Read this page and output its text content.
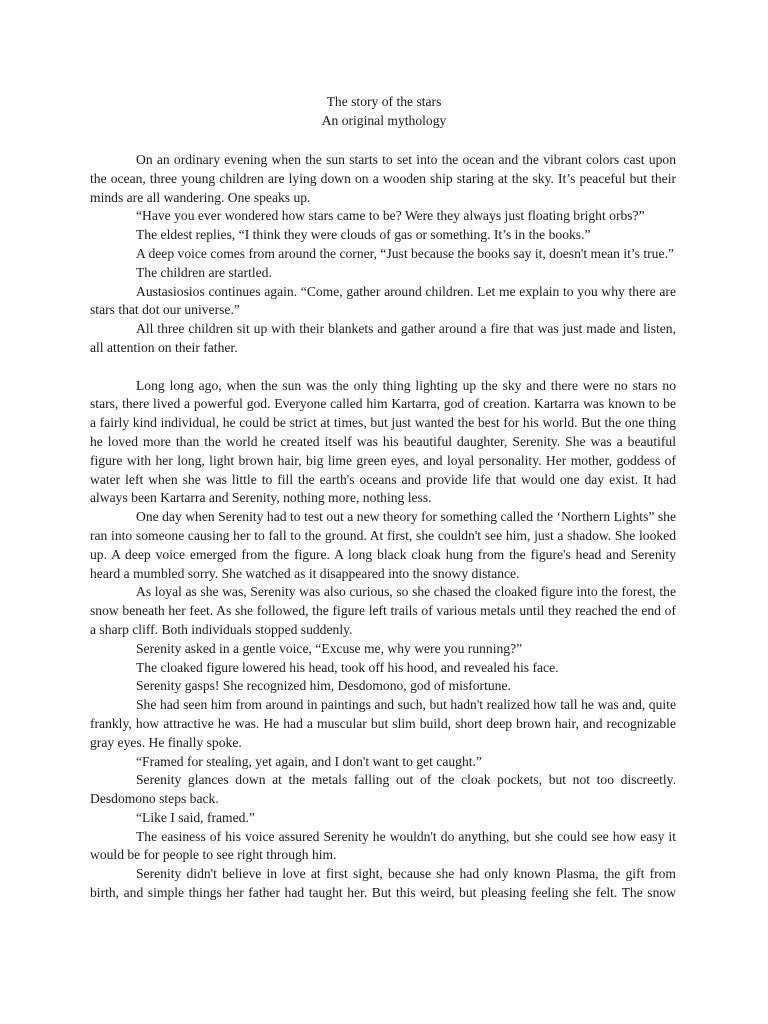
The story of the stars
An original mythology

On an ordinary evening when the sun starts to set into the ocean and the vibrant colors cast upon the ocean, three young children are lying down on a wooden ship staring at the sky. It’s peaceful but their minds are all wandering. One speaks up.

“Have you ever wondered how stars came to be? Were they always just floating bright orbs?”

The eldest replies, “I think they were clouds of gas or something. It’s in the books.”

A deep voice comes from around the corner, “Just because the books say it, doesn't mean it’s true.”

The children are startled.

Austasiosios continues again. “Come, gather around children. Let me explain to you why there are stars that dot our universe.”

All three children sit up with their blankets and gather around a fire that was just made and listen, all attention on their father.

Long long ago, when the sun was the only thing lighting up the sky and there were no stars no stars, there lived a powerful god. Everyone called him Kartarra, god of creation. Kartarra was known to be a fairly kind individual, he could be strict at times, but just wanted the best for his world. But the one thing he loved more than the world he created itself was his beautiful daughter, Serenity. She was a beautiful figure with her long, light brown hair, big lime green eyes, and loyal personality. Her mother, goddess of water left when she was little to fill the earth's oceans and provide life that would one day exist. It had always been Kartarra and Serenity, nothing more, nothing less.

One day when Serenity had to test out a new theory for something called the ‘Northern Lights” she ran into someone causing her to fall to the ground. At first, she couldn't see him, just a shadow. She looked up. A deep voice emerged from the figure. A long black cloak hung from the figure's head and Serenity heard a mumbled sorry. She watched as it disappeared into the snowy distance.

As loyal as she was, Serenity was also curious, so she chased the cloaked figure into the forest, the snow beneath her feet. As she followed, the figure left trails of various metals until they reached the end of a sharp cliff. Both individuals stopped suddenly.

Serenity asked in a gentle voice, “Excuse me, why were you running?”

The cloaked figure lowered his head, took off his hood, and revealed his face.

Serenity gasps! She recognized him, Desdomono, god of misfortune.

She had seen him from around in paintings and such, but hadn't realized how tall he was and, quite frankly, how attractive he was. He had a muscular but slim build, short deep brown hair, and recognizable gray eyes. He finally spoke.

“Framed for stealing, yet again, and I don't want to get caught.”

Serenity glances down at the metals falling out of the cloak pockets, but not too discreetly. Desdomono steps back.

“Like I said, framed.”

The easiness of his voice assured Serenity he wouldn't do anything, but she could see how easy it would be for people to see right through him.

Serenity didn't believe in love at first sight, because she had only known Plasma, the gift from birth, and simple things her father had taught her. But this weird, but pleasing feeling she felt. The snow
